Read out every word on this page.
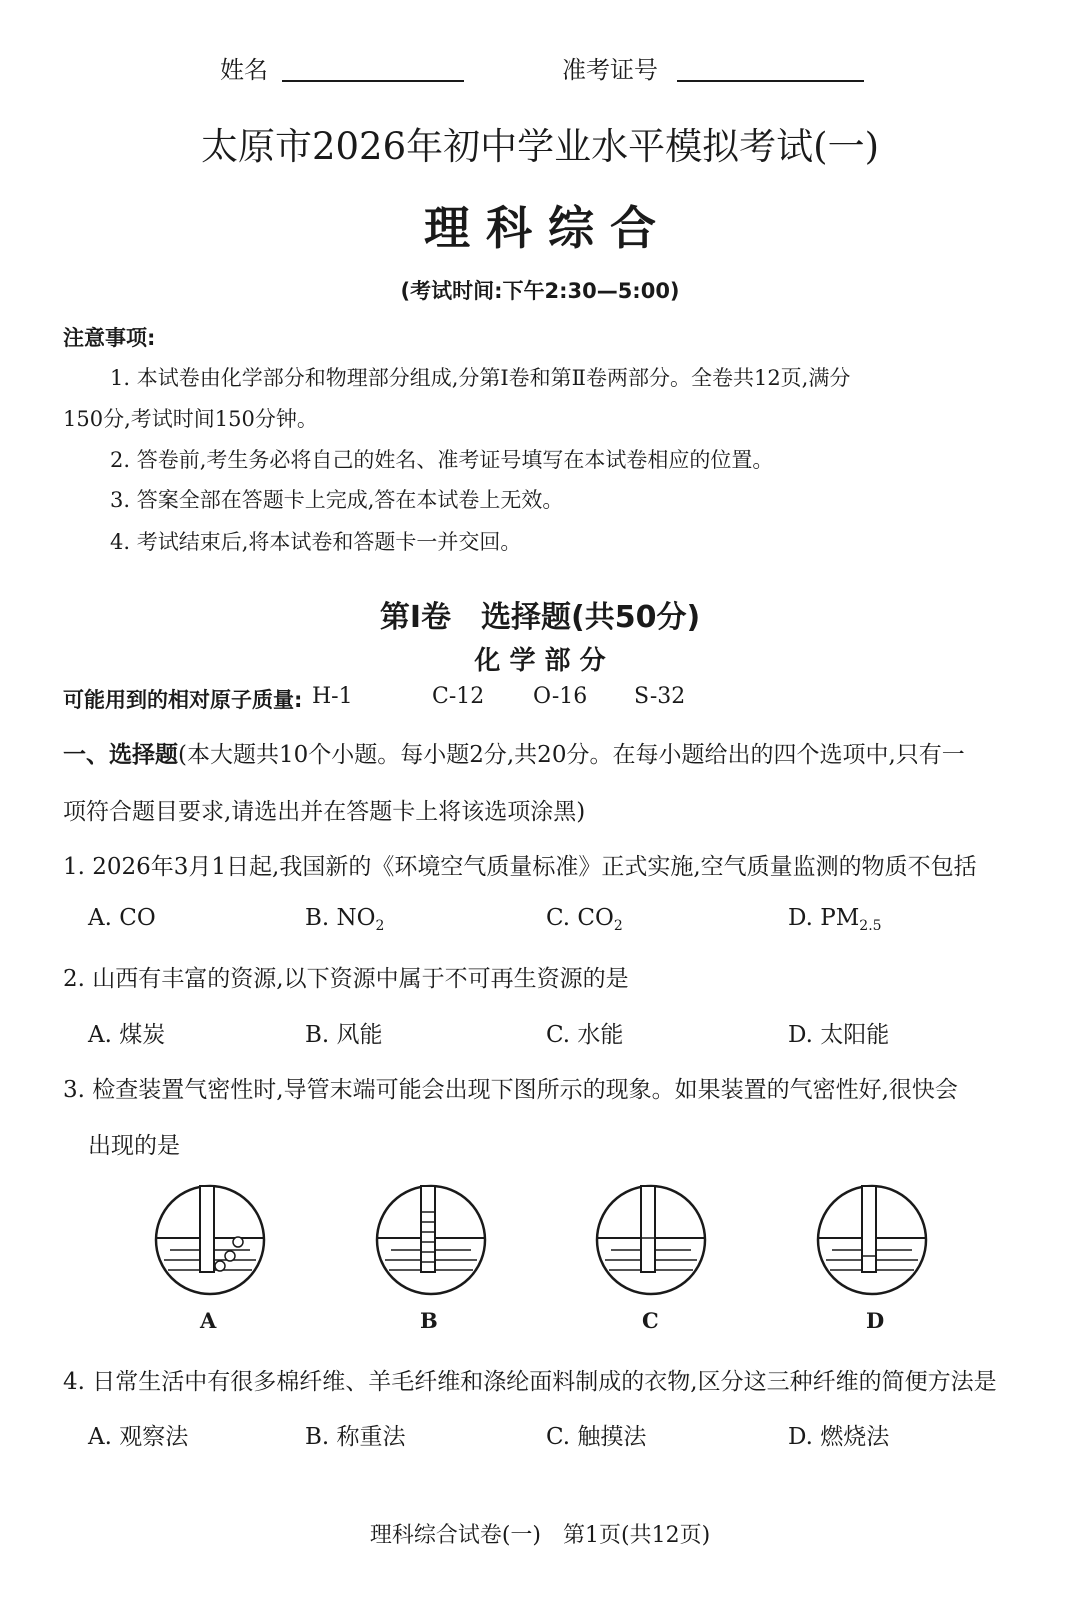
姓名	准考证号
太原市2026年初中学业水平模拟考试(一)
理 科 综 合
(考试时间:下午2:30—5:00)
注意事项:
1. 本试卷由化学部分和物理部分组成,分第Ⅰ卷和第Ⅱ卷两部分。全卷共12页,满分
150分,考试时间150分钟。
2. 答卷前,考生务必将自己的姓名、准考证号填写在本试卷相应的位置。
3. 答案全部在答题卡上完成,答在本试卷上无效。
4. 考试结束后,将本试卷和答题卡一并交回。
第Ⅰ卷　选择题(共50分)
化 学 部 分
可能用到的相对原子质量: H-1	C-12 O-16 S-32
一、选择题(本大题共10个小题。每小题2分,共20分。在每小题给出的四个选项中,只有一
项符合题目要求,请选出并在答题卡上将该选项涂黑)
1. 2026年3月1日起,我国新的《环境空气质量标准》正式实施,空气质量监测的物质不包括
A. CO	B. $NO_2$	C. $CO_2$	D. $PM_{2.5}$
2. 山西有丰富的资源,以下资源中属于不可再生资源的是
A. 煤炭	B. 风能	C. 水能	D. 太阳能
3. 检查装置气密性时,导管末端可能会出现下图所示的现象。如果装置的气密性好,很快会
出现的是
A	B	C	D
4. 日常生活中有很多棉纤维、羊毛纤维和涤纶面料制成的衣物,区分这三种纤维的简便方法是
A. 观察法	B. 称重法	C. 触摸法	D. 燃烧法
理科综合试卷(一)　第1页(共12页)
